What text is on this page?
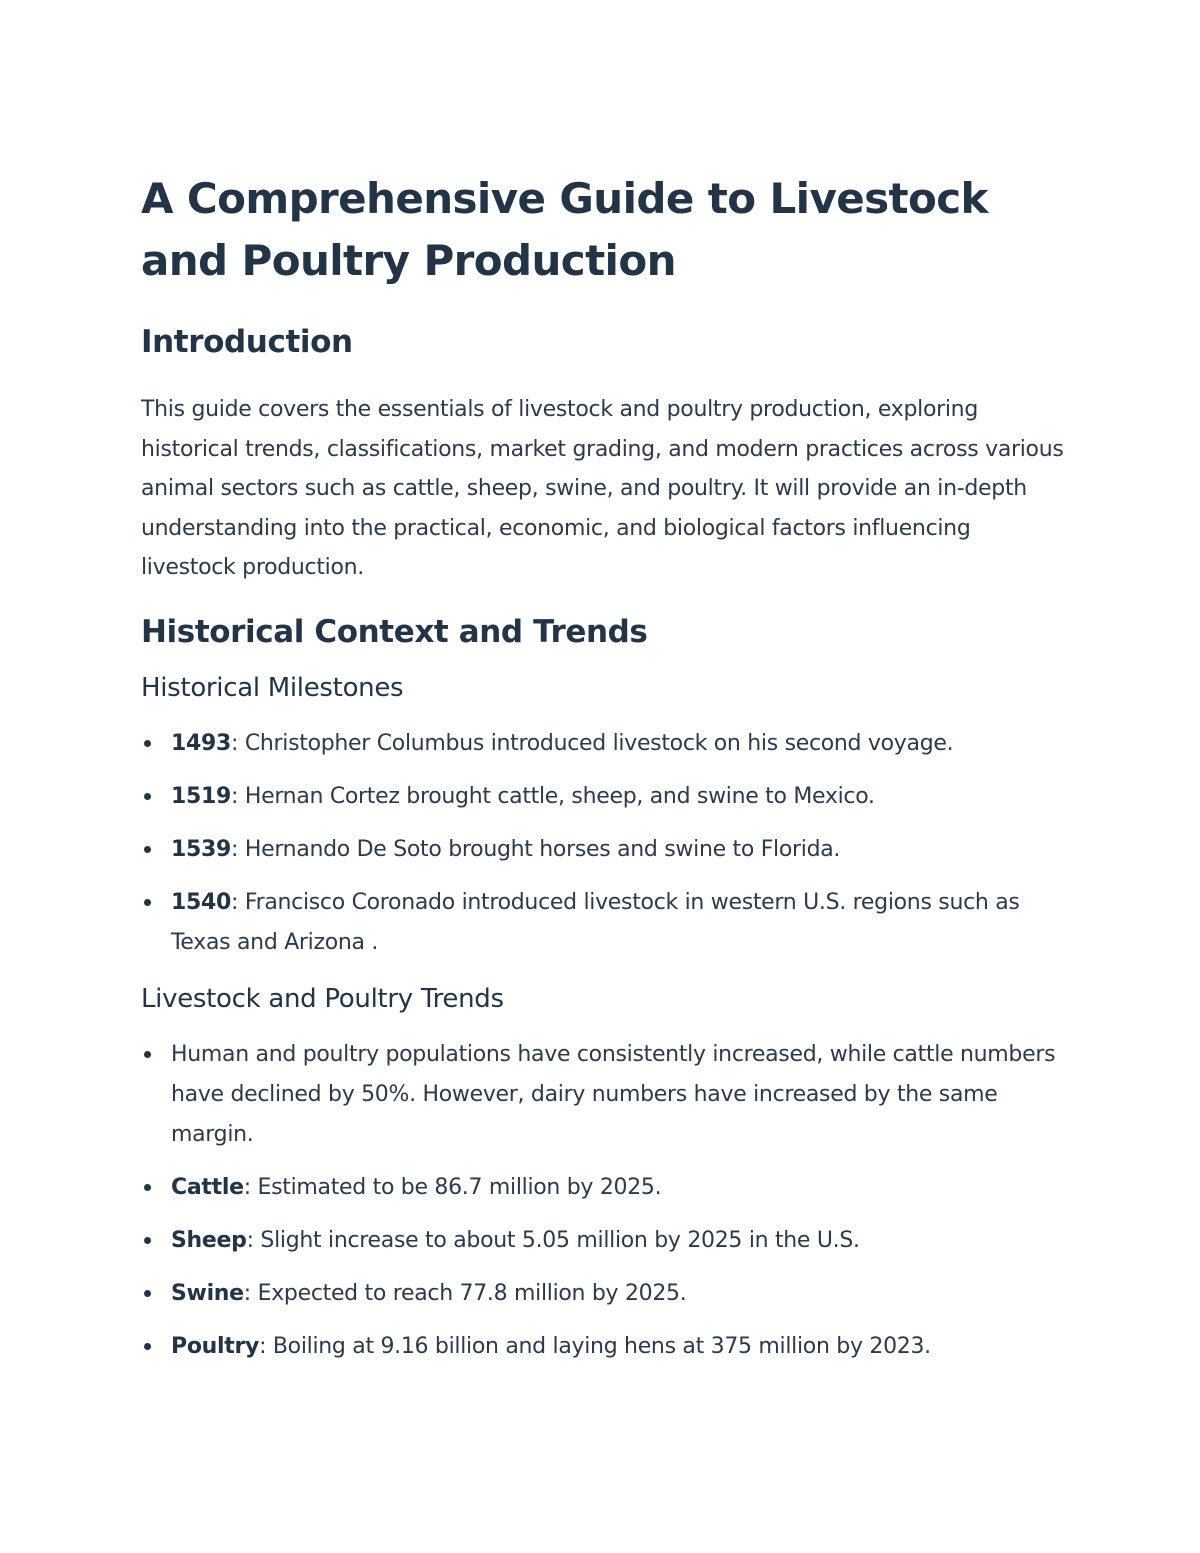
A Comprehensive Guide to Livestock and Poultry Production
Introduction

This guide covers the essentials of livestock and poultry production, exploring historical trends, classifications, market grading, and modern practices across various animal sectors such as cattle, sheep, swine, and poultry. It will provide an in-depth understanding into the practical, economic, and biological factors influencing livestock production.

Historical Context and Trends
Historical Milestones
1493: Christopher Columbus introduced livestock on his second voyage.
1519: Hernan Cortez brought cattle, sheep, and swine to Mexico.
1539: Hernando De Soto brought horses and swine to Florida.
1540: Francisco Coronado introduced livestock in western U.S. regions such as Texas and Arizona .
Livestock and Poultry Trends
Human and poultry populations have consistently increased, while cattle numbers have declined by 50%. However, dairy numbers have increased by the same margin.
Cattle: Estimated to be 86.7 million by 2025.
Sheep: Slight increase to about 5.05 million by 2025 in the U.S.
Swine: Expected to reach 77.8 million by 2025.
Poultry: Boiling at 9.16 billion and laying hens at 375 million by 2023.
